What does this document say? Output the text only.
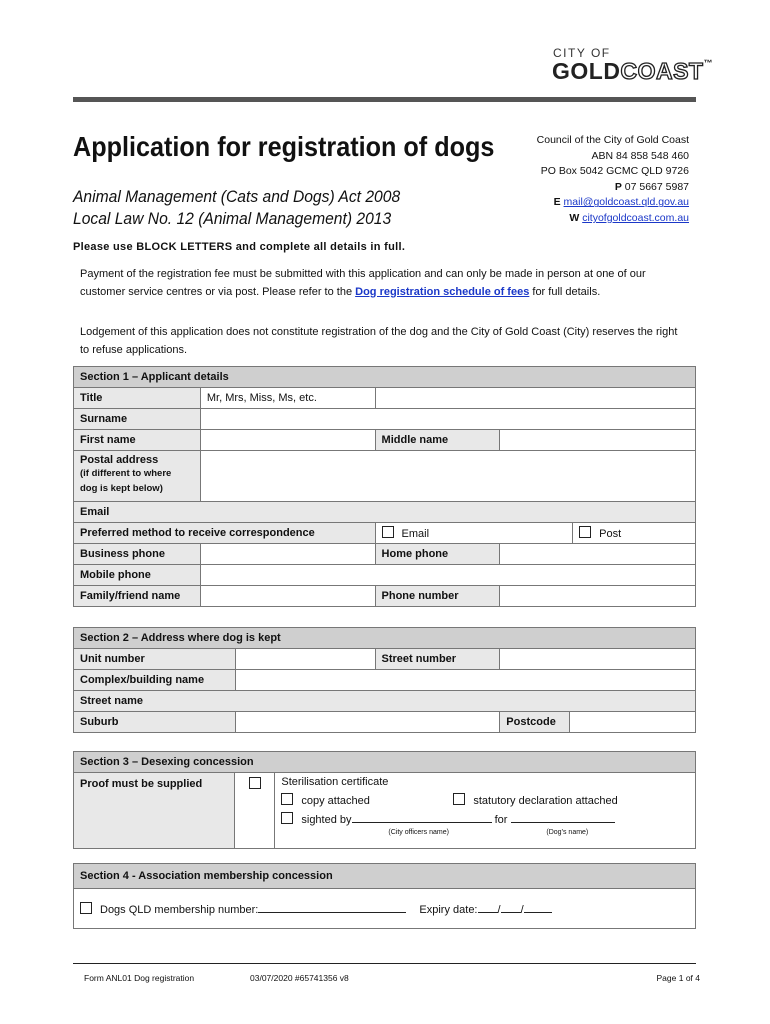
CITY OF
GOLDCOAST™
Application for registration of dogs
Animal Management (Cats and Dogs) Act 2008
Local Law No. 12 (Animal Management) 2013
Council of the City of Gold Coast
ABN 84 858 548 460
PO Box 5042 GCMC QLD 9726
P 07 5667 5987
E mail@goldcoast.qld.gov.au
W cityofgoldcoast.com.au
Please use BLOCK LETTERS and complete all details in full.
Payment of the registration fee must be submitted with this application and can only be made in person at one of our customer service centres or via post. Please refer to the Dog registration schedule of fees for full details.
Lodgement of this application does not constitute registration of the dog and the City of Gold Coast (City) reserves the right to refuse applications.
Section 1 – Applicant details				
Title	Mr, Mrs, Miss, Ms, etc.			
Surname				
First name		Middle name		

Postal address
(if different to where
dog is kept below)				

Email				
Preferred method to receive correspondence		Email		Post
Business phone		Home phone		
Mobile phone				
Family/friend name		Phone number		
Section 2 – Address where dog is kept				
Unit number		Street number		
Complex/building name				
Street name				
Suburb			Postcode	
Section 3 – Desexing concession
Proof must be supplied		Sterilisation certificate
copy attached	statutory declaration attached
sighted by	for
(City officers name)	(Dog’s name)
Section 4 - Association membership concession
Dogs QLD membership number:	Expiry date: / /
Form ANL01 Dog registration	03/07/2020 #65741356 v8	Page 1 of 4
